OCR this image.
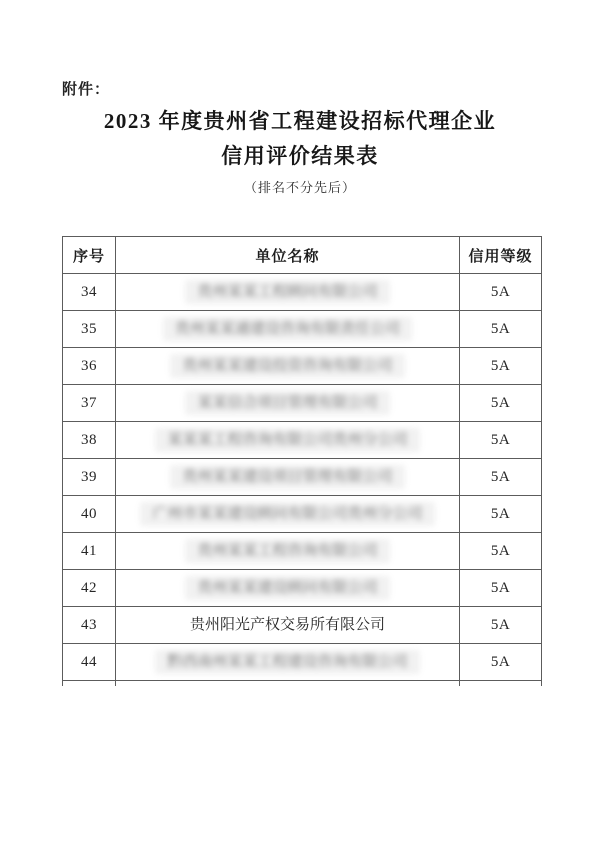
附件：
2023 年度贵州省工程建设招标代理企业
信用评价结果表
（排名不分先后）
序号	单位名称	信用等级
34	贵州某某工程顾问有限公司	5A
35	贵州某某通建设咨询有限责任公司	5A
36	贵州某某建设投资咨询有限公司	5A
37	某某信合项目管理有限公司	5A
38	某某某工程咨询有限公司贵州分公司	5A
39	贵州某某建设项目管理有限公司	5A
40	广州市某某建设顾问有限公司贵州分公司	5A
41	贵州某某工程咨询有限公司	5A
42	贵州某某建设顾问有限公司	5A
43	贵州阳光产权交易所有限公司	5A
44	黔西南州某某工程建设咨询有限公司	5A
